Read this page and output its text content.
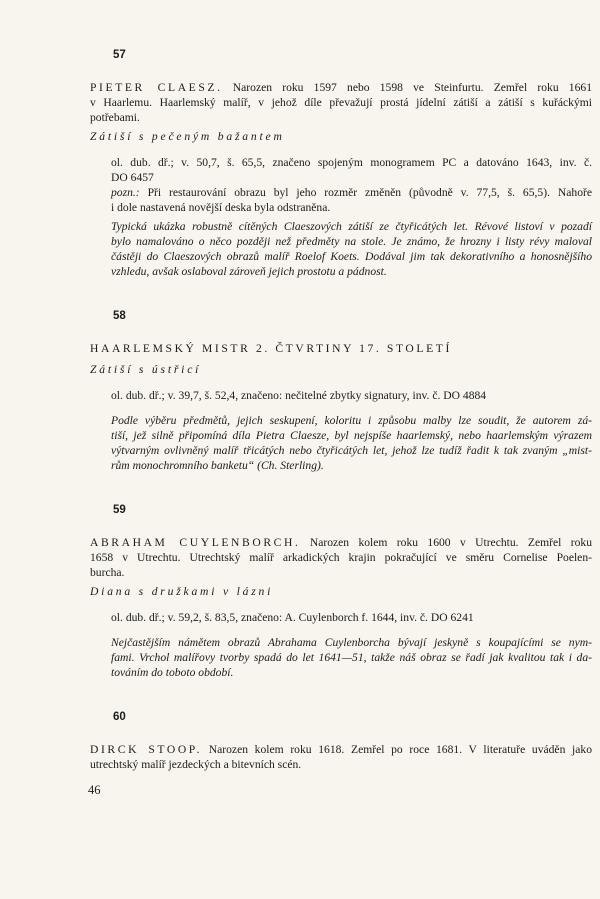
57
PIETER CLAESZ. Narozen roku 1597 nebo 1598 ve Steinfurtu. Zemřel roku 1661
v Haarlemu. Haarlemský malíř, v jehož díle převažují prostá jídelní zátiší a zátiší s kuřáckými
potřebami.
Zátiší s pečeným bažantem
ol. dub. dř.; v. 50,7, š. 65,5, značeno spojeným monogramem PC a datováno 1643, inv. č.
DO 6457
pozn.: Při restaurování obrazu byl jeho rozměr změněn (původně v. 77,5, š. 65,5). Nahoře
i dole nastavená novější deska byla odstraněna.
Typická ukázka robustně cítěných Claeszových zátiší ze čtyřicátých let. Révové listoví v pozadí
bylo namalováno o něco později než předměty na stole. Je známo, že hrozny i listy révy maloval
částěji do Claeszových obrazů malíř Roelof Koets. Dodával jim tak dekorativního a honosnějšího
vzhledu, avšak oslaboval zároveň jejich prostotu a pádnost.
58
HAARLEMSKÝ MISTR 2. ČTVRTINY 17. STOLETÍ
Zátiší s ústřicí
ol. dub. dř.; v. 39,7, š. 52,4, značeno: nečitelné zbytky signatury, inv. č. DO 4884
Podle výběru předmětů, jejich seskupení, koloritu i způsobu malby lze soudit, že autorem zá-
tiší, jež silně připomíná díla Pietra Claesze, byl nejspíše haarlemský, nebo haarlemským výrazem
výtvarným ovlivněný malíř třicátých nebo čtyřicátých let, jehož lze tudíž řadit k tak zvaným „mist-
rům monochromního banketu“ (Ch. Sterling).
59
ABRAHAM CUYLENBORCH. Narozen kolem roku 1600 v Utrechtu. Zemřel roku
1658 v Utrechtu. Utrechtský malíř arkadických krajin pokračující ve směru Cornelise Poelen-
burcha.
Diana s družkami v lázni
ol. dub. dř.; v. 59,2, š. 83,5, značeno: A. Cuylenborch f. 1644, inv. č. DO 6241
Nejčastějším námětem obrazů Abrahama Cuylenborcha bývají jeskyně s koupajícími se nym-
fami. Vrchol malířovy tvorby spadá do let 1641—51, takže náš obraz se řadí jak kvalitou tak i da-
továním do toboto období.
60
DIRCK STOOP. Narozen kolem roku 1618. Zemřel po roce 1681. V literatuře uváděn jako
utrechtský malíř jezdeckých a bitevních scén.
46
